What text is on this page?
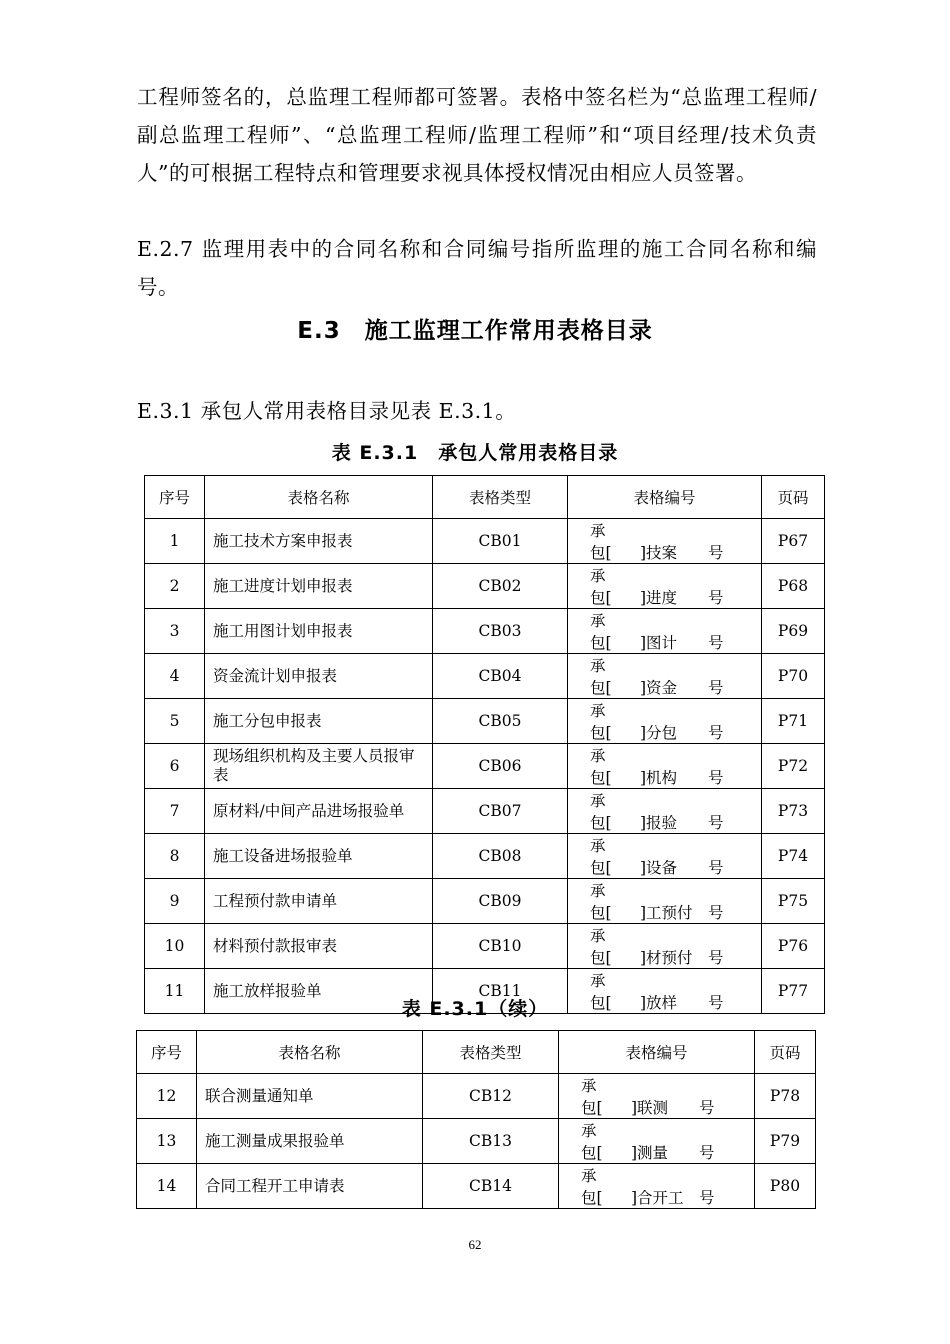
工程师签名的，总监理工程师都可签署。表格中签名栏为“总监理工程师/副总监理工程师”、“总监理工程师/监理工程师”和“项目经理/技术负责人”的可根据工程特点和管理要求视具体授权情况由相应人员签署。
E.2.7 监理用表中的合同名称和合同编号指所监理的施工合同名称和编号。
E.3　施工监理工作常用表格目录
E.3.1 承包人常用表格目录见表 E.3.1。
表 E.3.1　承包人常用表格目录
序号	表格名称	表格类型	表格编号	页码
1	施工技术方案申报表	CB01	承包[ ]技案 号	P67
2	施工进度计划申报表	CB02	承包[ ]进度 号	P68
3	施工用图计划申报表	CB03	承包[ ]图计 号	P69
4	资金流计划申报表	CB04	承包[ ]资金 号	P70
5	施工分包申报表	CB05	承包[ ]分包 号	P71
6	现场组织机构及主要人员报审表	CB06	承包[ ]机构 号	P72
7	原材料/中间产品进场报验单	CB07	承包[ ]报验 号	P73
8	施工设备进场报验单	CB08	承包[ ]设备 号	P74
9	工程预付款申请单	CB09	承包[ ]工预付 号	P75
10	材料预付款报审表	CB10	承包[ ]材预付 号	P76
11	施工放样报验单	CB11	承包[ ]放样 号	P77
表 E.3.1（续）
序号	表格名称	表格类型	表格编号	页码
12	联合测量通知单	CB12	承包[ ]联测 号	P78
13	施工测量成果报验单	CB13	承包[ ]测量 号	P79
14	合同工程开工申请表	CB14	承包[ ]合开工 号	P80
62
